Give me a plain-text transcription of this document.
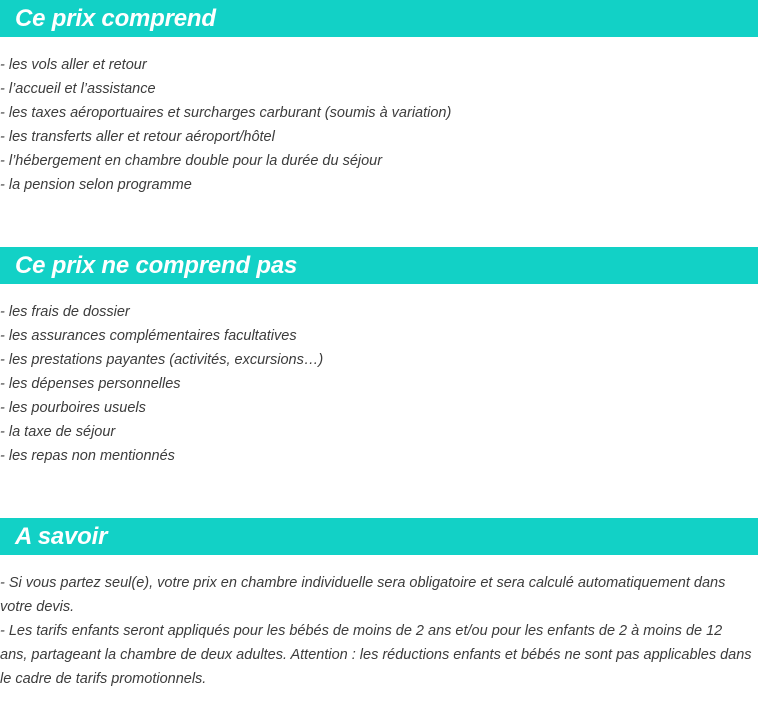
Ce prix comprend
- les vols aller et retour
- l’accueil et l’assistance
- les taxes aéroportuaires et surcharges carburant (soumis à variation)
- les transferts aller et retour aéroport/hôtel
- l’hébergement en chambre double pour la durée du séjour
- la pension selon programme
Ce prix ne comprend pas
- les frais de dossier
- les assurances complémentaires facultatives
- les prestations payantes (activités, excursions…)
- les dépenses personnelles
- les pourboires usuels
- la taxe de séjour
- les repas non mentionnés
A savoir

- Si vous partez seul(e), votre prix en chambre individuelle sera obligatoire et sera calculé automatiquement dans votre devis.

- Les tarifs enfants seront appliqués pour les bébés de moins de 2 ans et/ou pour les enfants de 2 à moins de 12 ans, partageant la chambre de deux adultes. Attention : les réductions enfants et bébés ne sont pas applicables dans le cadre de tarifs promotionnels.
